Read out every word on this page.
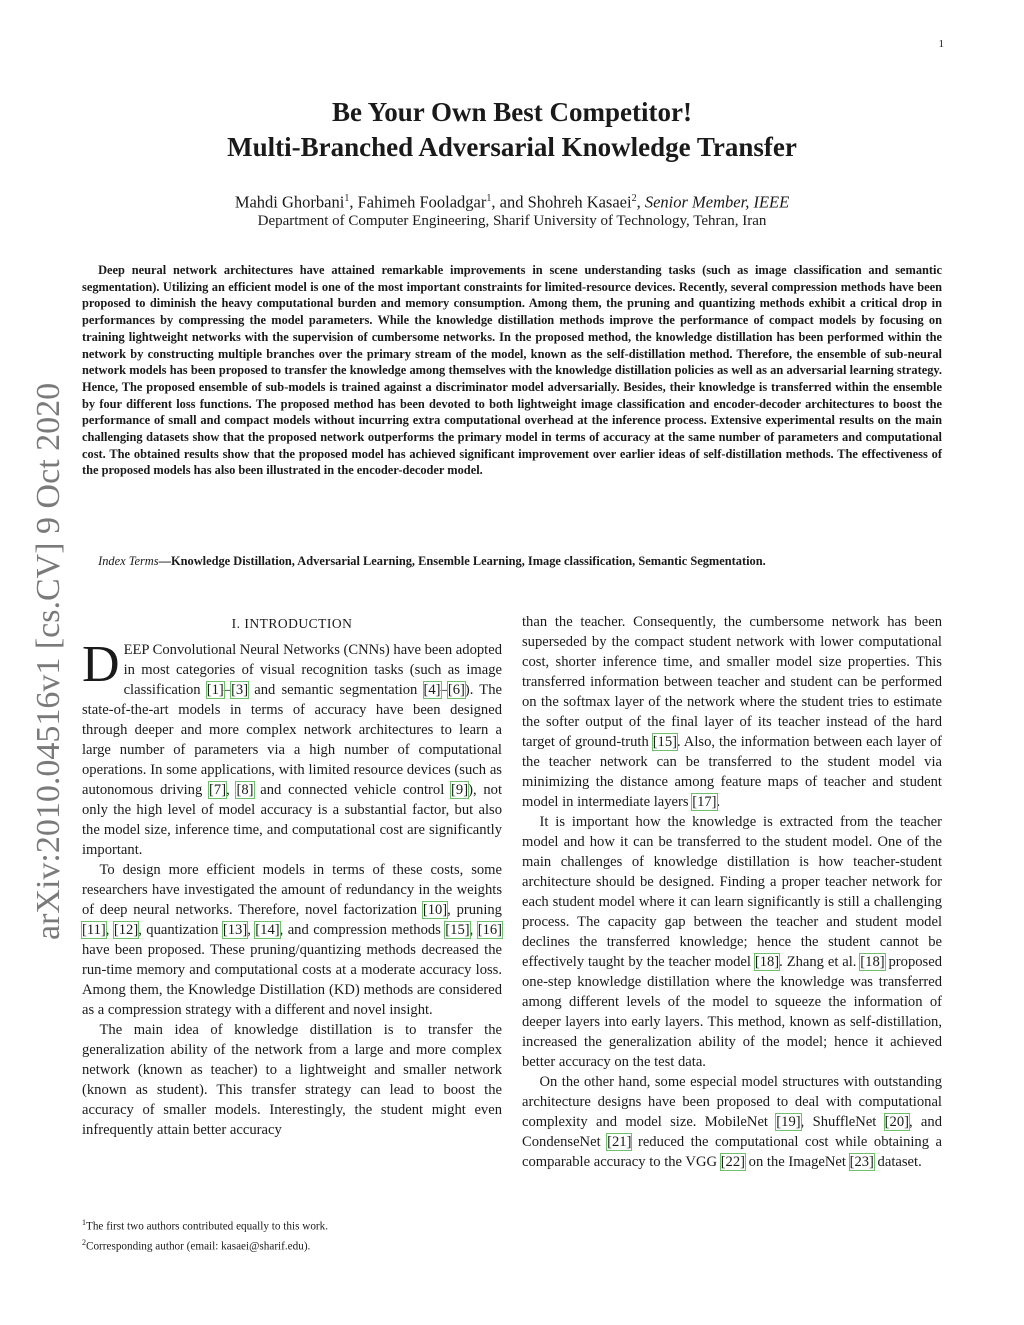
1
arXiv:2010.04516v1 [cs.CV] 9 Oct 2020
Be Your Own Best Competitor!
Multi-Branched Adversarial Knowledge Transfer
Mahdi Ghorbani$^1$, Fahimeh Fooladgar$^1$, and Shohreh Kasaei$^2$, Senior Member, IEEE
Department of Computer Engineering, Sharif University of Technology, Tehran, Iran
Deep neural network architectures have attained remarkable improvements in scene understanding tasks (such as image classification and semantic segmentation). Utilizing an efficient model is one of the most important constraints for limited-resource devices. Recently, several compression methods have been proposed to diminish the heavy computational burden and memory consumption. Among them, the pruning and quantizing methods exhibit a critical drop in performances by compressing the model parameters. While the knowledge distillation methods improve the performance of compact models by focusing on training lightweight networks with the supervision of cumbersome networks. In the proposed method, the knowledge distillation has been performed within the network by constructing multiple branches over the primary stream of the model, known as the self-distillation method. Therefore, the ensemble of sub-neural network models has been proposed to transfer the knowledge among themselves with the knowledge distillation policies as well as an adversarial learning strategy. Hence, The proposed ensemble of sub-models is trained against a discriminator model adversarially. Besides, their knowledge is transferred within the ensemble by four different loss functions. The proposed method has been devoted to both lightweight image classification and encoder-decoder architectures to boost the performance of small and compact models without incurring extra computational overhead at the inference process. Extensive experimental results on the main challenging datasets show that the proposed network outperforms the primary model in terms of accuracy at the same number of parameters and computational cost. The obtained results show that the proposed model has achieved significant improvement over earlier ideas of self-distillation methods. The effectiveness of the proposed models has also been illustrated in the encoder-decoder model.
Index Terms—Knowledge Distillation, Adversarial Learning, Ensemble Learning, Image classification, Semantic Segmentation.
I. INTRODUCTION

DEEP Convolutional Neural Networks (CNNs) have been adopted in most categories of visual recognition tasks (such as image classification [1]–[3] and semantic segmentation [4]–[6]). The state-of-the-art models in terms of accuracy have been designed through deeper and more complex network architectures to learn a large number of parameters via a high number of computational operations. In some applications, with limited resource devices (such as autonomous driving [7], [8] and connected vehicle control [9]), not only the high level of model accuracy is a substantial factor, but also the model size, inference time, and computational cost are significantly important.

To design more efficient models in terms of these costs, some researchers have investigated the amount of redundancy in the weights of deep neural networks. Therefore, novel factorization [10], pruning [11], [12], quantization [13], [14], and compression methods [15], [16] have been proposed. These pruning/quantizing methods decreased the run-time memory and computational costs at a moderate accuracy loss. Among them, the Knowledge Distillation (KD) methods are considered as a compression strategy with a different and novel insight.

The main idea of knowledge distillation is to transfer the generalization ability of the network from a large and more complex network (known as teacher) to a lightweight and smaller network (known as student). This transfer strategy can lead to boost the accuracy of smaller models. Interestingly, the student might even infrequently attain better accuracy

than the teacher. Consequently, the cumbersome network has been superseded by the compact student network with lower computational cost, shorter inference time, and smaller model size properties. This transferred information between teacher and student can be performed on the softmax layer of the network where the student tries to estimate the softer output of the final layer of its teacher instead of the hard target of ground-truth [15]. Also, the information between each layer of the teacher network can be transferred to the student model via minimizing the distance among feature maps of teacher and student model in intermediate layers [17].

It is important how the knowledge is extracted from the teacher model and how it can be transferred to the student model. One of the main challenges of knowledge distillation is how teacher-student architecture should be designed. Finding a proper teacher network for each student model where it can learn significantly is still a challenging process. The capacity gap between the teacher and student model declines the transferred knowledge; hence the student cannot be effectively taught by the teacher model [18]. Zhang et al. [18] proposed one-step knowledge distillation where the knowledge was transferred among different levels of the model to squeeze the information of deeper layers into early layers. This method, known as self-distillation, increased the generalization ability of the model; hence it achieved better accuracy on the test data.

On the other hand, some especial model structures with outstanding architecture designs have been proposed to deal with computational complexity and model size. MobileNet [19], ShuffleNet [20], and CondenseNet [21] reduced the computational cost while obtaining a comparable accuracy to the VGG [22] on the ImageNet [23] dataset.

$^1$The first two authors contributed equally to this work.
$^2$Corresponding author (email: kasaei@sharif.edu).
